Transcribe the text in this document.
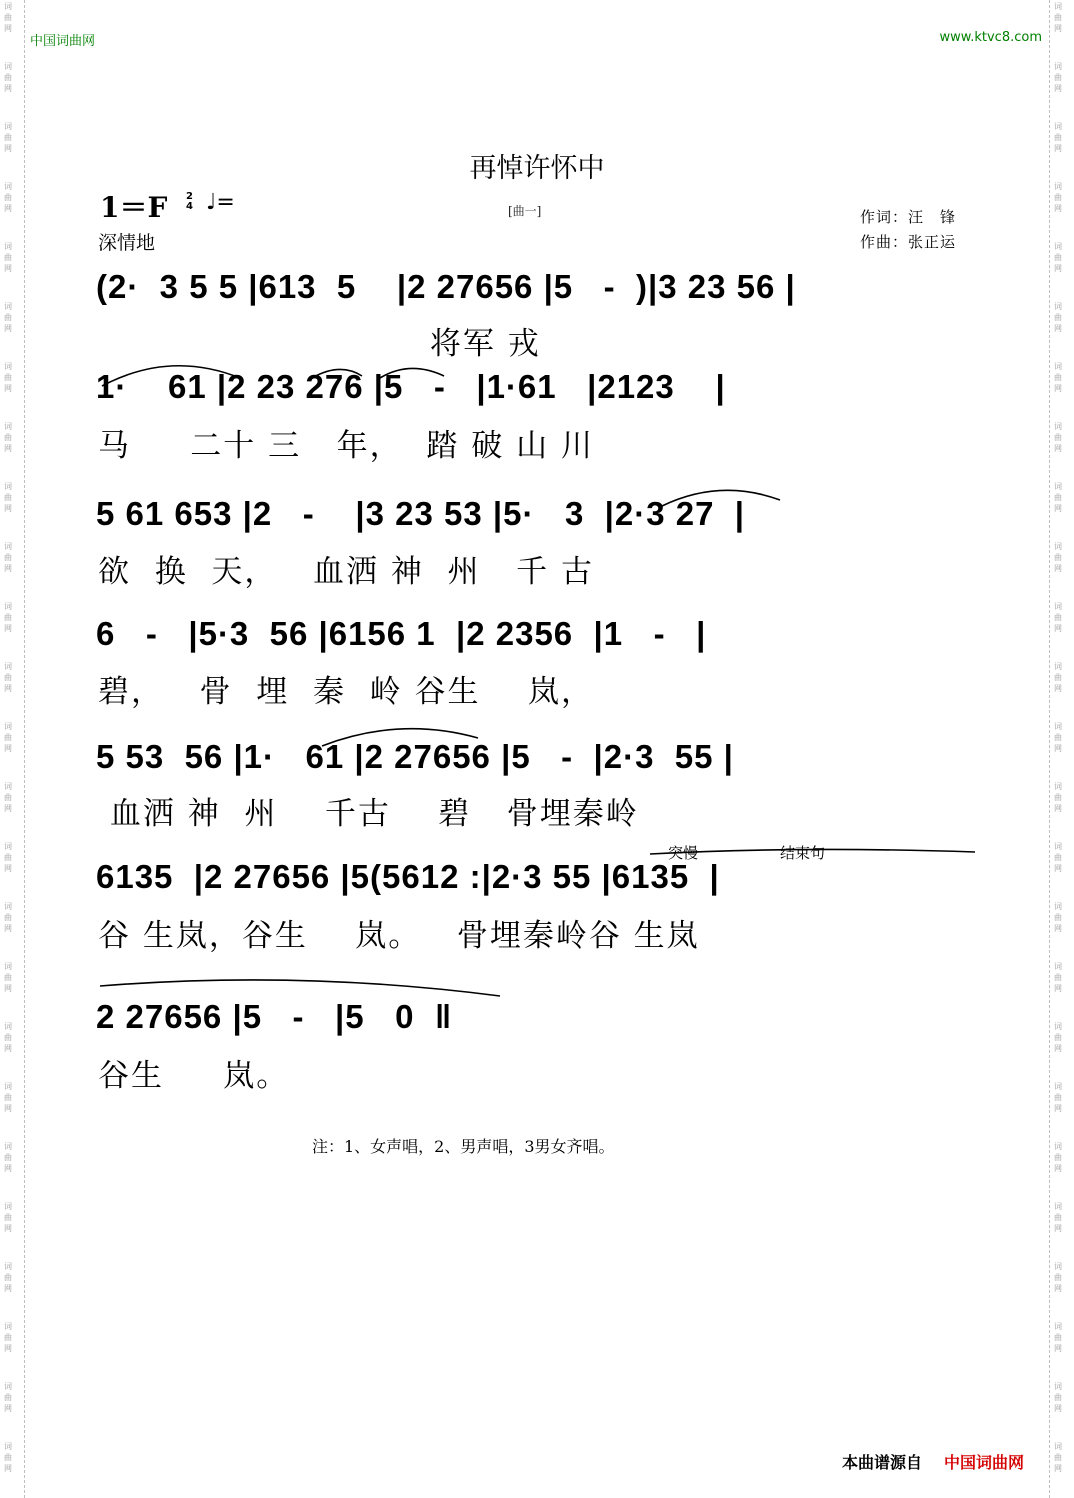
词
曲
网
词
曲
网
词
曲
网
词
曲
网
词
曲
网
词
曲
网
词
曲
网
词
曲
网
词
曲
网
词
曲
网
词
曲
网
词
曲
网
词
曲
网
词
曲
网
词
曲
网
词
曲
网
词
曲
网
词
曲
网
词
曲
网
词
曲
网
词
曲
网
词
曲
网
词
曲
网
词
曲
网
词
曲
网
词
曲
网
词
曲
网
词
曲
网
词
曲
网
词
曲
网
词
曲
网
词
曲
网
词
曲
网
词
曲
网
词
曲
网
词
曲
网
词
曲
网
词
曲
网
词
曲
网
词
曲
网
词
曲
网
词
曲
网
词
曲
网
词
曲
网
词
曲
网
词
曲
网
词
曲
网
词
曲
网
词
曲
网
词
曲
网
中国词曲网	www.ktvc8.com
再悼许怀中
[曲一]
1＝F 2
4 ♩=
深情地
作词：汪　锋
作曲：张正运
(2·  3 5 5 |613  5    |2 27656 |5   -  )|3 23 56 |
将军 戎
1·    61 |2 23 276 |5   -   |1·61   |2123    |
马     二十 三   年，  踏 破 山 川
5 61 653 |2   -    |3 23 53 |5·   3  |2·3 27  |
欲  换  天，   血洒 神  州   千 古
6   -   |5·3  56 |6156 1  |2 2356  |1   -   |
碧，   骨  埋  秦  岭 谷生    岚，
5 53  56 |1·   61 |2 27656 |5   -  |2·3  55 |
血洒 神  州    千古    碧   骨埋秦岭
突慢	结束句
6135  |2 27656 |5(5612 :|2·3 55 |6135  |
谷 生岚，谷生    岚。   骨埋秦岭谷 生岚
2 27656 |5   -   |5   0  ‖
谷生     岚。
注：1、女声唱，2、男声唱，3男女齐唱。
本曲谱源自 中国词曲网
